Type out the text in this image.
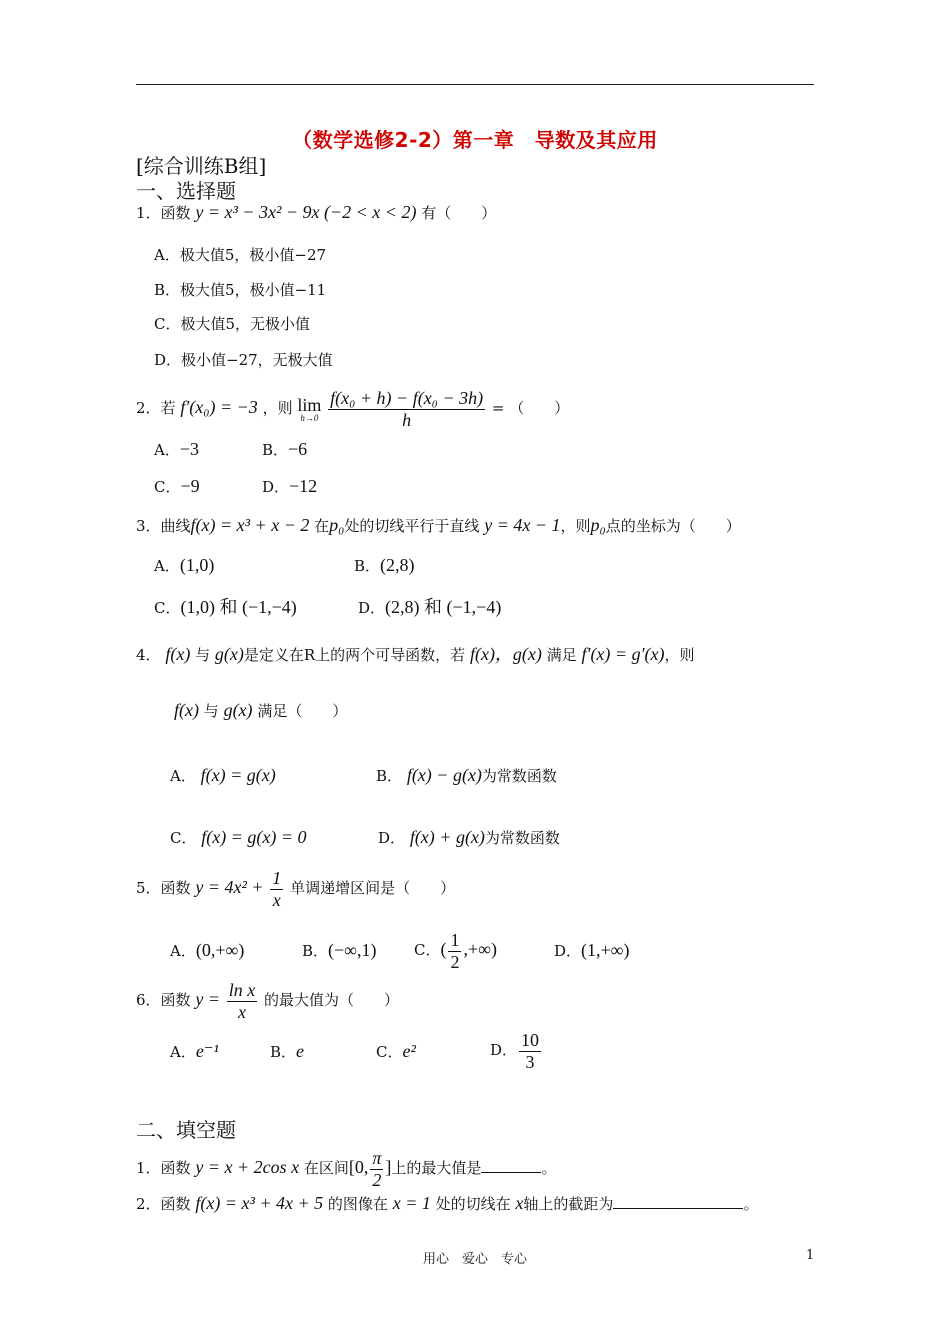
（数学选修2-2）第一章　导数及其应用
[综合训练B组]
一、选择题
1．函数 y = x³ − 3x² − 9x (−2 < x < 2) 有（　　）
A．极大值5，极小值−27
B．极大值5，极小值−11
C．极大值5，无极小值
D．极小值−27，无极大值
2．若 f′(x₀) = −3 ，则 lim
h→0
$\frac{\text{f(x₀ + h) − f(x₀ − 3h)}}{h}$ = （　　）
A．−3	B．−6
C．−9	D．−12
3．曲线f(x) = x³ + x − 2 在p₀处的切线平行于直线 y = 4x − 1，则p₀点的坐标为（　　）
A．(1,0)	B．(2,8)
C．(1,0) 和 (−1,−4)	D．(2,8) 和 (−1,−4)
4． f(x) 与 g(x)是定义在R上的两个可导函数，若 f(x)，g(x) 满足 f′(x) = g′(x)，则
f(x) 与 g(x) 满足（　　）
A． f(x) = g(x)	B． f(x) − g(x)为常数函数
C． f(x) = g(x) = 0	D． f(x) + g(x)为常数函数
5．函数 $y = 4x^2 + \frac{1}{x}$ 单调递增区间是（　　）
A．(0,+∞)	B．(−∞,1) C．( $\frac{1}{2}$ ,+∞)	D．(1,+∞)
6．函数 $y = \frac{\text{ln x}}{x}$ 的最大值为（　　）
A．e⁻¹	B．e	C．e²	D． $\frac{10}{3}$
二、填空题
1．函数 y = x + 2cos x 在区间[0, $\frac{\pi}{2}$ ]上的最大值是	。
2．函数 f(x) = x³ + 4x + 5 的图像在 x = 1 处的切线在 x轴上的截距为	。
用心　爱心　专心	1
